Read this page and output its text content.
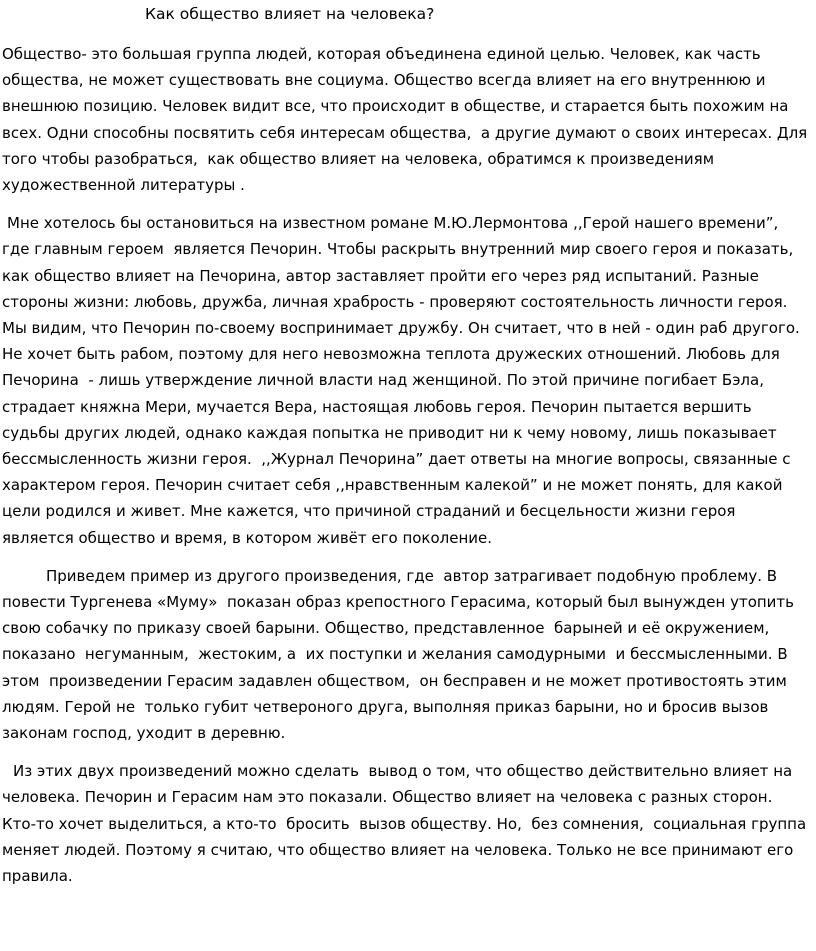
Как общество влияет на человека?

Общество- это большая группа людей, которая объединена единой целью. Человек, как часть общества, не может существовать вне социума. Общество всегда влияет на его внутреннюю и внешнюю позицию. Человек видит все, что происходит в обществе, и старается быть похожим на всех. Одни способны посвятить себя интересам общества,  а другие думают о своих интересах. Для того чтобы разобраться,  как общество влияет на человека, обратимся к произведениям художественной литературы .

Мне хотелось бы остановиться на известном романе М.Ю.Лермонтова ,,Герой нашего времени”, где главным героем  является Печорин. Чтобы раскрыть внутренний мир своего героя и показать, как общество влияет на Печорина, автор заставляет пройти его через ряд испытаний. Разные стороны жизни: любовь, дружба, личная храбрость - проверяют состоятельность личности героя. Мы видим, что Печорин по-своему воспринимает дружбу. Он считает, что в ней - один раб другого. Не хочет быть рабом, поэтому для него невозможна теплота дружеских отношений. Любовь для Печорина  - лишь утверждение личной власти над женщиной. По этой причине погибает Бэла, страдает княжна Мери, мучается Вера, настоящая любовь героя. Печорин пытается вершить судьбы других людей, однако каждая попытка не приводит ни к чему новому, лишь показывает бессмысленность жизни героя.  ,,Журнал Печорина” дает ответы на многие вопросы, связанные с характером героя. Печорин считает себя ,,нравственным калекой” и не может понять, для какой цели родился и живет. Мне кажется, что причиной страданий и бесцельности жизни героя является общество и время, в котором живёт его поколение.

Приведем пример из другого произведения, где  автор затрагивает подобную проблему. В повести Тургенева «Муму»  показан образ крепостного Герасима, который был вынужден утопить свою собачку по приказу своей барыни. Общество, представленное  барыней и её окружением, показано  негуманным,  жестоким, а  их поступки и желания самодурными  и бессмысленными. В этом  произведении Герасим задавлен обществом,  он бесправен и не может противостоять этим людям. Герой не  только губит четвероного друга, выполняя приказ барыни, но и бросив вызов законам господ, уходит в деревню.

Из этих двух произведений можно сделать  вывод о том, что общество действительно влияет на человека. Печорин и Герасим нам это показали. Общество влияет на человека с разных сторон. Кто-то хочет выделиться, а кто-то  бросить  вызов обществу. Но,  без сомнения,  социальная группа меняет людей. Поэтому я считаю, что общество влияет на человека. Только не все принимают его правила.
